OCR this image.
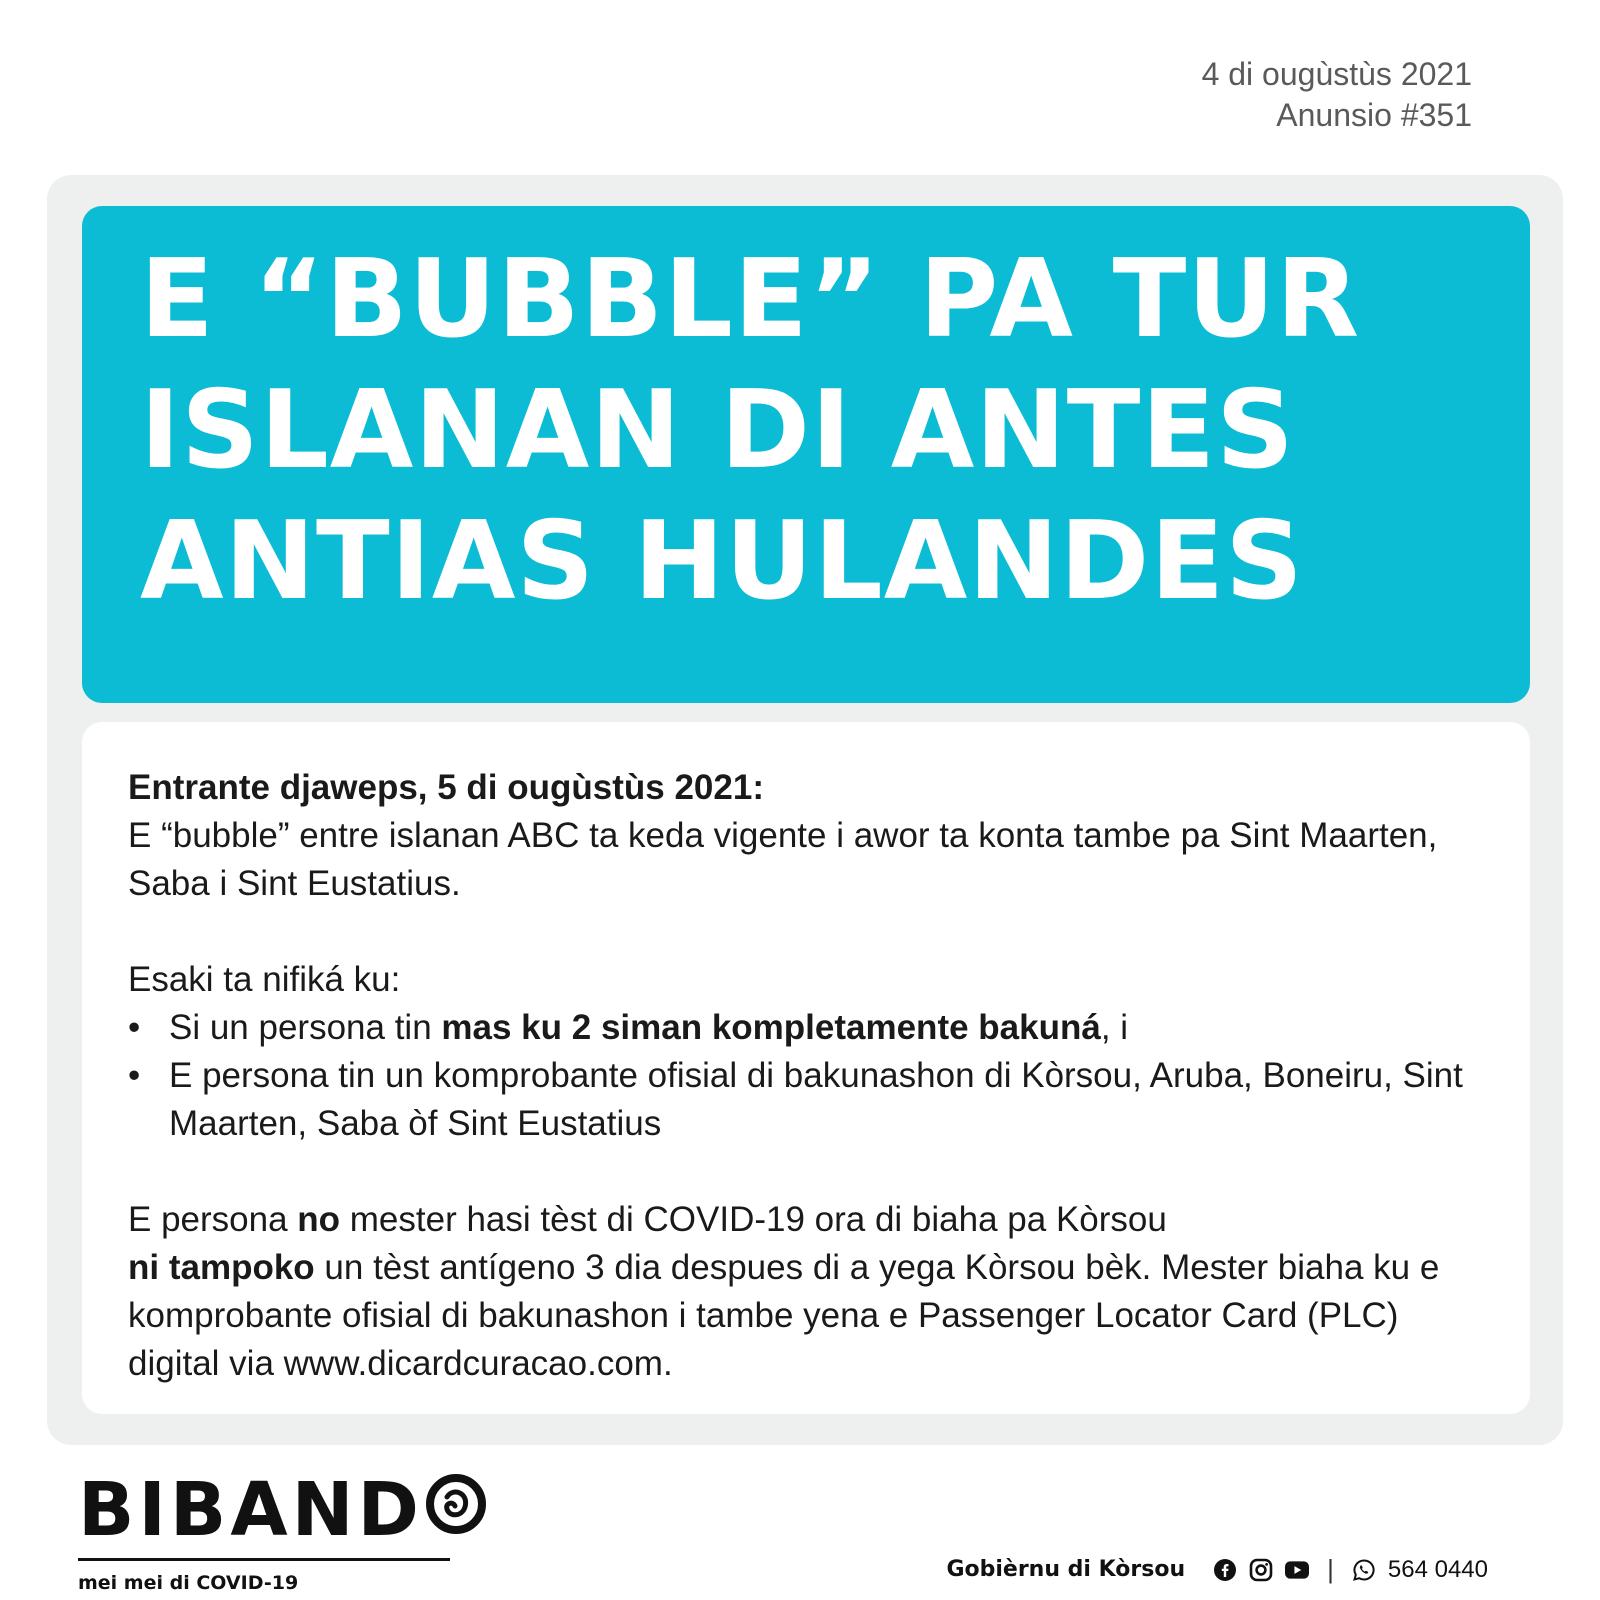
4 di ougùstùs 2021
Anunsio #351
E “BUBBLE” PA TUR
ISLANAN DI ANTES
ANTIAS HULANDES

Entrante djaweps, 5 di ougùstùs 2021:

E “bubble” entre islanan ABC ta keda vigente i awor ta konta tambe pa Sint Maarten, Saba i Sint Eustatius.

Esaki ta nifiká ku:

• Si un persona tin mas ku 2 siman kompletamente bakuná, i
• E persona tin un komprobante ofisial di bakunashon di Kòrsou, Aruba, Boneiru, Sint Maarten, Saba òf Sint Eustatius

E persona no mester hasi tèst di COVID-19 ora di biaha pa Kòrsou
ni tampoko un tèst antígeno 3 dia despues di a yega Kòrsou bèk. Mester biaha ku e komprobante ofisial di bakunashon i tambe yena e Passenger Locator Card (PLC) digital via www.dicardcuracao.com.

BIBAND
mei mei di COVID-19
Gobièrnu di Kòrsou	| 564 0440
